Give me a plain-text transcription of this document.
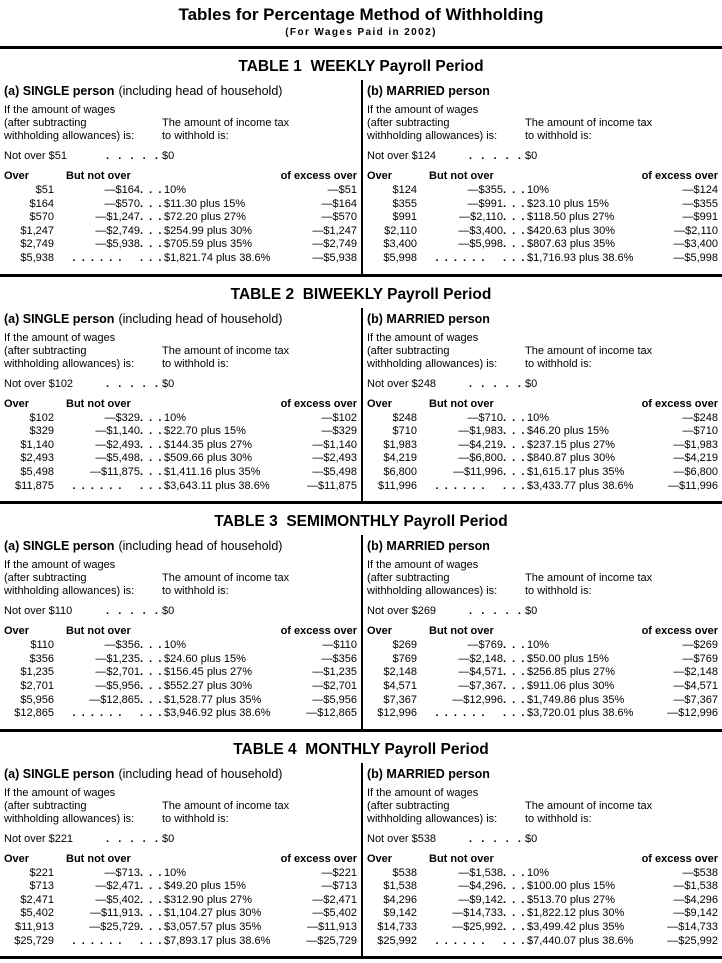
Tables for Percentage Method of Withholding
(For Wages Paid in 2002)
TABLE 1  WEEKLY Payroll Period
(a) SINGLE person (including head of household)
If the amount of wages
(after subtracting
withholding allowances) is:
The amount of income tax
to withhold is:
Not over $51	.   .   .   .   . $0
Over	But not over	of excess over
$51	—$164 .  .  . 10%	—$51
$164	—$570 .  .  . $11.30 plus 15%	—$164
$570	—$1,247 .  .  . $72.20 plus 27%	—$570
$1,247	—$2,749 .  .  . $254.99 plus 30%	—$1,247
$2,749	—$5,938 .  .  . $705.59 plus 35%	—$2,749
$5,938	.  .  .  .  .  .	.  .  . $1,821.74 plus 38.6%	—$5,938
(b) MARRIED person
If the amount of wages
(after subtracting
withholding allowances) is:
The amount of income tax
to withhold is:
Not over $124	.   .   .   .   . $0
Over	But not over	of excess over
$124	—$355 .  .  . 10%	—$124
$355	—$991 .  .  . $23.10 plus 15%	—$355
$991	—$2,110 .  .  . $118.50 plus 27%	—$991
$2,110	—$3,400 .  .  . $420.63 plus 30%	—$2,110
$3,400	—$5,998 .  .  . $807.63 plus 35%	—$3,400
$5,998	.  .  .  .  .  .	.  .  . $1,716.93 plus 38.6%	—$5,998
TABLE 2  BIWEEKLY Payroll Period
(a) SINGLE person (including head of household)
If the amount of wages
(after subtracting
withholding allowances) is:
The amount of income tax
to withhold is:
Not over $102	.   .   .   .   . $0
Over	But not over	of excess over
$102	—$329 .  .  . 10%	—$102
$329	—$1,140 .  .  . $22.70 plus 15%	—$329
$1,140	—$2,493 .  .  . $144.35 plus 27%	—$1,140
$2,493	—$5,498 .  .  . $509.66 plus 30%	—$2,493
$5,498	—$11,875 .  .  . $1,411.16 plus 35%	—$5,498
$11,875	.  .  .  .  .  .	.  .  . $3,643.11 plus 38.6%	—$11,875
(b) MARRIED person
If the amount of wages
(after subtracting
withholding allowances) is:
The amount of income tax
to withhold is:
Not over $248	.   .   .   .   . $0
Over	But not over	of excess over
$248	—$710 .  .  . 10%	—$248
$710	—$1,983 .  .  . $46.20 plus 15%	—$710
$1,983	—$4,219 .  .  . $237.15 plus 27%	—$1,983
$4,219	—$6,800 .  .  . $840.87 plus 30%	—$4,219
$6,800	—$11,996 .  .  . $1,615.17 plus 35%	—$6,800
$11,996	.  .  .  .  .  .	.  .  . $3,433.77 plus 38.6%	—$11,996
TABLE 3  SEMIMONTHLY Payroll Period
(a) SINGLE person (including head of household)
If the amount of wages
(after subtracting
withholding allowances) is:
The amount of income tax
to withhold is:
Not over $110	.   .   .   .   . $0
Over	But not over	of excess over
$110	—$356 .  .  . 10%	—$110
$356	—$1,235 .  .  . $24.60 plus 15%	—$356
$1,235	—$2,701 .  .  . $156.45 plus 27%	—$1,235
$2,701	—$5,956 .  .  . $552.27 plus 30%	—$2,701
$5,956	—$12,865 .  .  . $1,528.77 plus 35%	—$5,956
$12,865	.  .  .  .  .  .	.  .  . $3,946.92 plus 38.6%	—$12,865
(b) MARRIED person
If the amount of wages
(after subtracting
withholding allowances) is:
The amount of income tax
to withhold is:
Not over $269	.   .   .   .   . $0
Over	But not over	of excess over
$269	—$769 .  .  . 10%	—$269
$769	—$2,148 .  .  . $50.00 plus 15%	—$769
$2,148	—$4,571 .  .  . $256.85 plus 27%	—$2,148
$4,571	—$7,367 .  .  . $911.06 plus 30%	—$4,571
$7,367	—$12,996 .  .  . $1,749.86 plus 35%	—$7,367
$12,996	.  .  .  .  .  .	.  .  . $3,720.01 plus 38.6%	—$12,996
TABLE 4  MONTHLY Payroll Period
(a) SINGLE person (including head of household)
If the amount of wages
(after subtracting
withholding allowances) is:
The amount of income tax
to withhold is:
Not over $221	.   .   .   .   . $0
Over	But not over	of excess over
$221	—$713 .  .  . 10%	—$221
$713	—$2,471 .  .  . $49.20 plus 15%	—$713
$2,471	—$5,402 .  .  . $312.90 plus 27%	—$2,471
$5,402	—$11,913 .  .  . $1,104.27 plus 30%	—$5,402
$11,913	—$25,729 .  .  . $3,057.57 plus 35%	—$11,913
$25,729	.  .  .  .  .  .	.  .  . $7,893.17 plus 38.6%	—$25,729
(b) MARRIED person
If the amount of wages
(after subtracting
withholding allowances) is:
The amount of income tax
to withhold is:
Not over $538	.   .   .   .   . $0
Over	But not over	of excess over
$538	—$1,538 .  .  . 10%	—$538
$1,538	—$4,296 .  .  . $100.00 plus 15%	—$1,538
$4,296	—$9,142 .  .  . $513.70 plus 27%	—$4,296
$9,142	—$14,733 .  .  . $1,822.12 plus 30%	—$9,142
$14,733	—$25,992 .  .  . $3,499.42 plus 35%	—$14,733
$25,992	.  .  .  .  .  .	.  .  . $7,440.07 plus 38.6%	—$25,992
